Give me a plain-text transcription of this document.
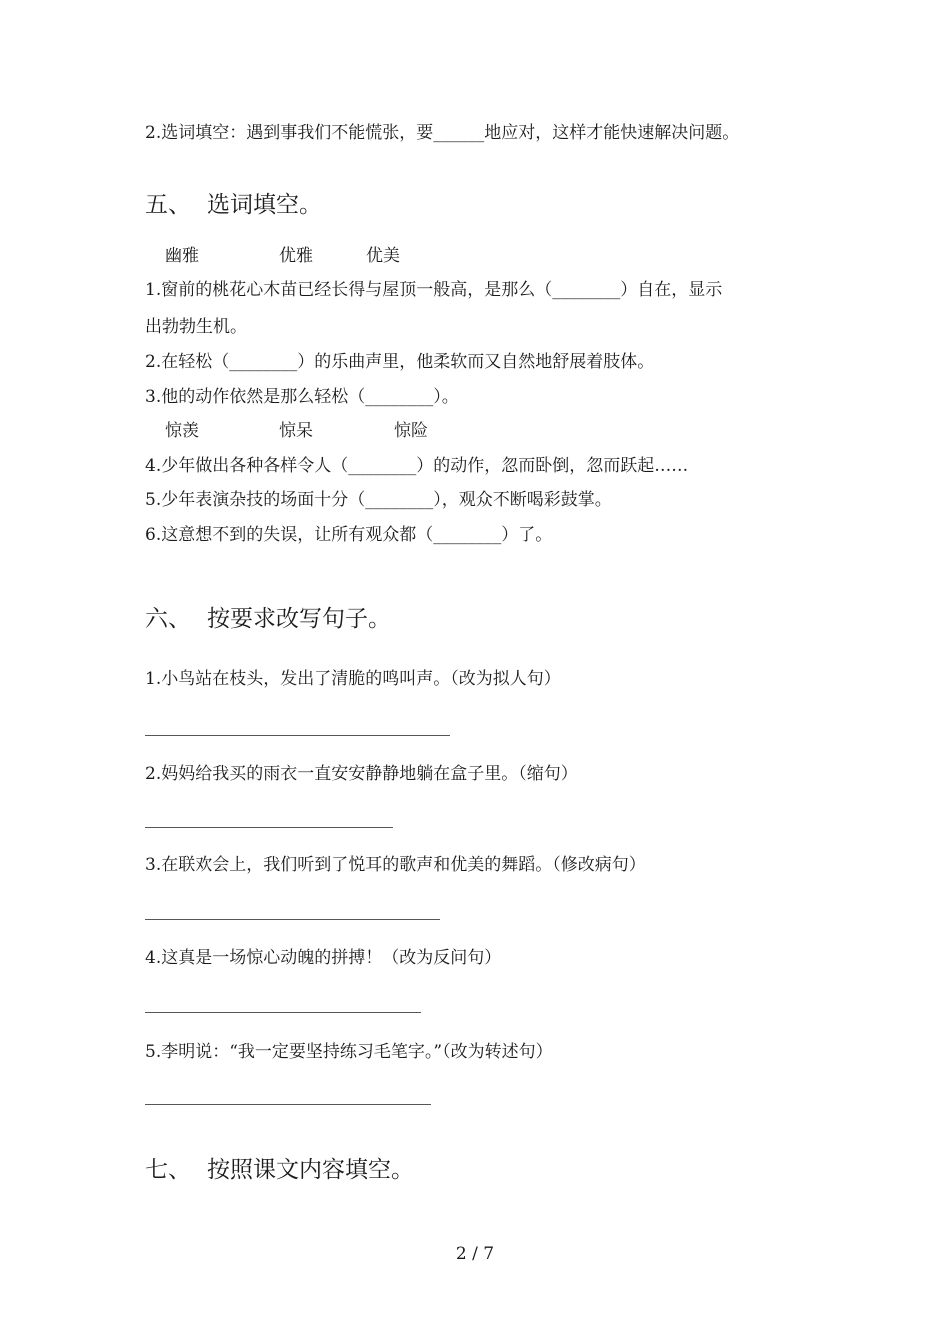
2.选词填空：遇到事我们不能慌张，要______地应对，这样才能快速解决问题。
五、 选词填空。
幽雅	优雅	优美
1.窗前的桃花心木苗已经长得与屋顶一般高，是那么（________）自在，显示
出勃勃生机。
2.在轻松（________）的乐曲声里，他柔软而又自然地舒展着肢体。
3.他的动作依然是那么轻松（________）。
惊羡	惊呆	惊险
4.少年做出各种各样令人（________）的动作，忽而卧倒，忽而跃起……
5.少年表演杂技的场面十分（________），观众不断喝彩鼓掌。
6.这意想不到的失误，让所有观众都（________）了。
六、 按要求改写句子。
1.小鸟站在枝头，发出了清脆的鸣叫声。（改为拟人句）
2.妈妈给我买的雨衣一直安安静静地躺在盒子里。（缩句）
3.在联欢会上，我们听到了悦耳的歌声和优美的舞蹈。（修改病句）
4.这真是一场惊心动魄的拼搏！（改为反问句）
5.李明说：“我一定要坚持练习毛笔字。”（改为转述句）
七、 按照课文内容填空。
2 / 7
